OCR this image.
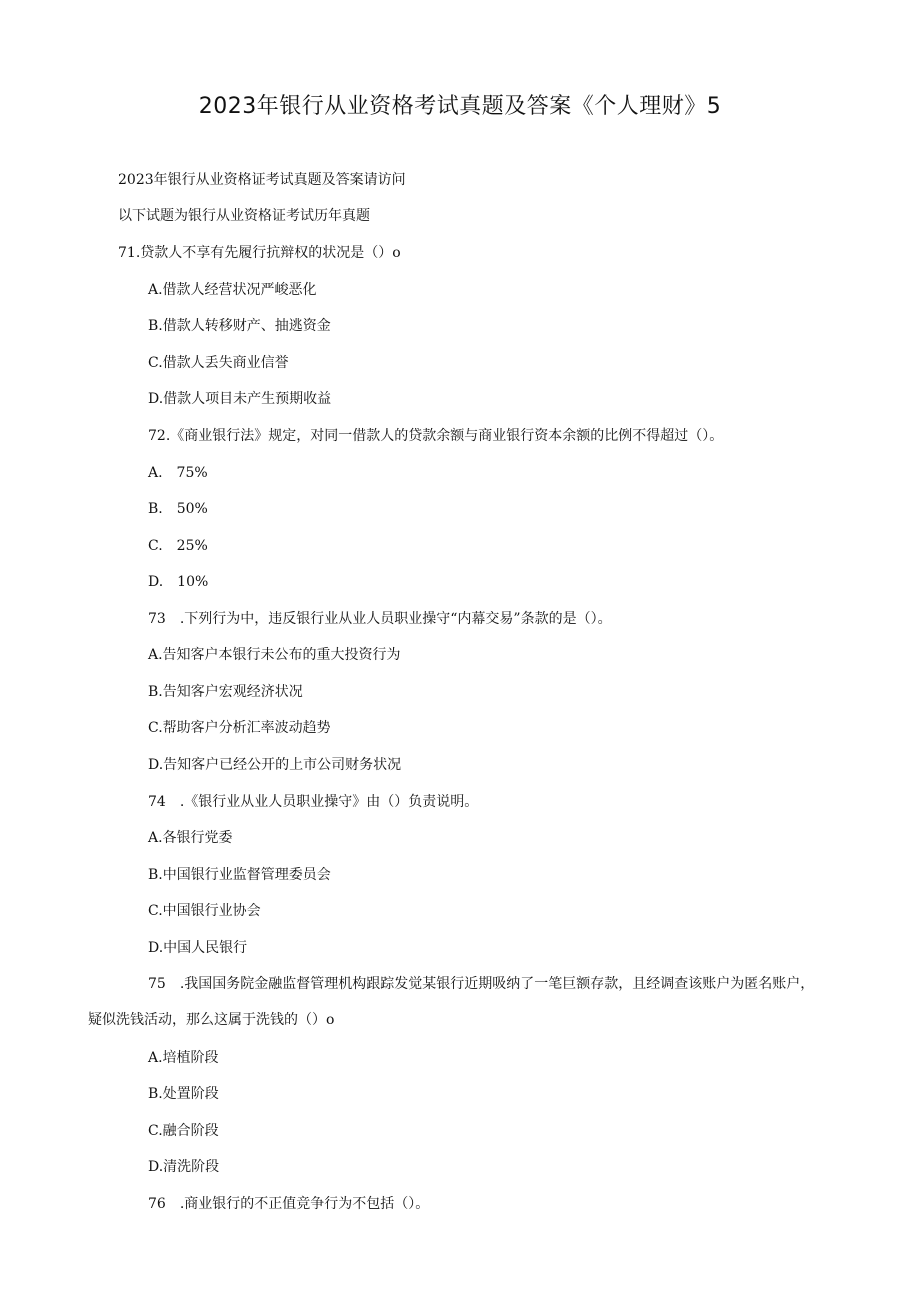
2023年银行从业资格考试真题及答案《个人理财》5
2023年银行从业资格证考试真题及答案请访问
以下试题为银行从业资格证考试历年真题
71.贷款人不享有先履行抗辩权的状况是（）o
A.借款人经营状况严峻恶化
B.借款人转移财产、抽逃资金
C.借款人丢失商业信誉
D.借款人项目未产生预期收益
72.《商业银行法》规定，对同一借款人的贷款余额与商业银行资本余额的比例不得超过（）。
A.　75%
B.　50%
C.　25%
D.　10%
73　.下列行为中，违反银行业从业人员职业操守“内幕交易”条款的是（）。
A.告知客户本银行未公布的重大投资行为
B.告知客户宏观经济状况
C.帮助客户分析汇率波动趋势
D.告知客户已经公开的上市公司财务状况
74　.《银行业从业人员职业操守》由（）负责说明。
A.各银行党委
B.中国银行业监督管理委员会
C.中国银行业协会
D.中国人民银行
75　.我国国务院金融监督管理机构跟踪发觉某银行近期吸纳了一笔巨额存款，且经调查该账户为匿名账户，疑似洗钱活动，那么这属于洗钱的（）o
A.培植阶段
B.处置阶段
C.融合阶段
D.清洗阶段
76　.商业银行的不正值竞争行为不包括（）。
